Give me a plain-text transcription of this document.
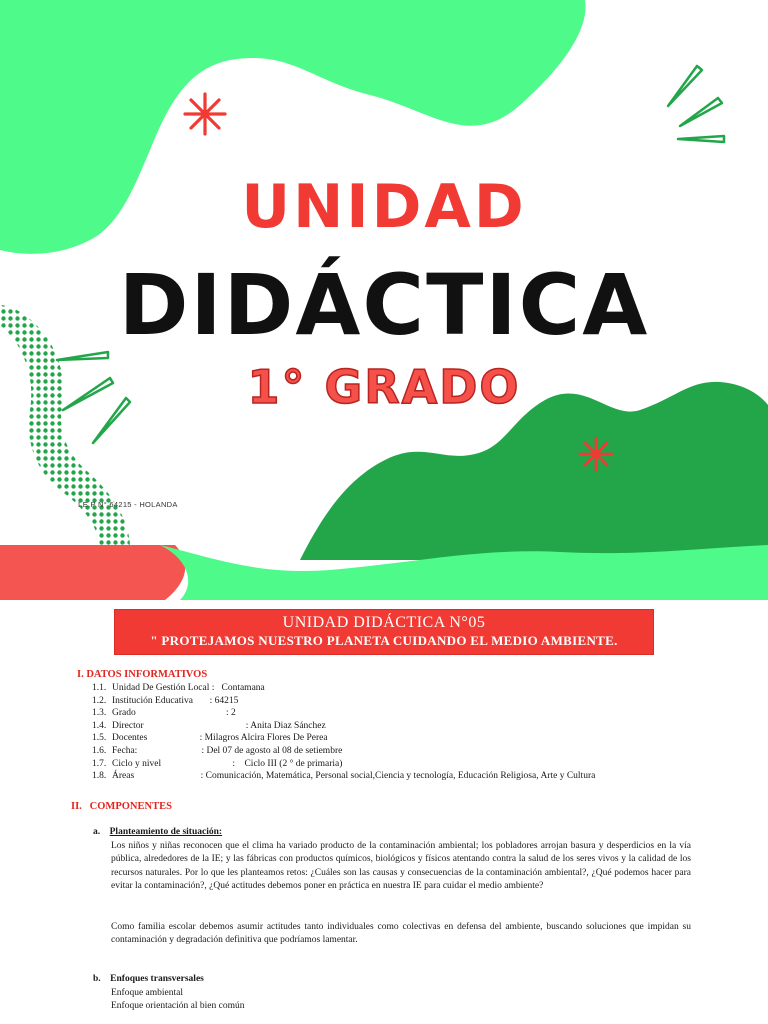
UNIDAD
DIDÁCTICA
1° GRADO
I.E.P N° 64215 - HOLANDA
UNIDAD DIDÁCTICA N°05
" PROTEJAMOS NUESTRO PLANETA CUIDANDO EL MEDIO AMBIENTE.
I. DATOS INFORMATIVOS
1.1. Unidad De Gestión Local :   Contamana
1.2. Institución Educativa       : 64215
1.3. Grado                                      : 2
1.4. Director                                           : Anita Diaz Sánchez
1.5. Docentes                      : Milagros Alcira Flores De Perea
1.6. Fecha:                           : Del 07 de agosto al 08 de setiembre
1.7. Ciclo y nivel                              :    Ciclo III (2 ° de primaria)
1.8. Áreas                            : Comunicación, Matemática, Personal social,Ciencia y tecnología, Educación Religiosa, Arte y Cultura
II.   COMPONENTES
a. Planteamiento de situación:
Los niños y niñas reconocen que el clima ha variado producto de la contaminación ambiental; los pobladores arrojan basura y desperdicios en la vía pública, alrededores de la IE; y las fábricas con productos químicos, biológicos y físicos atentando contra la salud de los seres vivos y la calidad de los recursos naturales. Por lo que les planteamos retos: ¿Cuáles son las causas y consecuencias de la contaminación ambiental?, ¿Qué podemos hacer para evitar la contaminación?, ¿Qué actitudes debemos poner en práctica en nuestra IE para cuidar el medio ambiente?
Como familia escolar debemos asumir actitudes tanto individuales como colectivas en defensa del ambiente, buscando soluciones que impidan su contaminación y degradación definitiva que podríamos lamentar.
b. Enfoques transversales
Enfoque ambiental
Enfoque orientación al bien común
